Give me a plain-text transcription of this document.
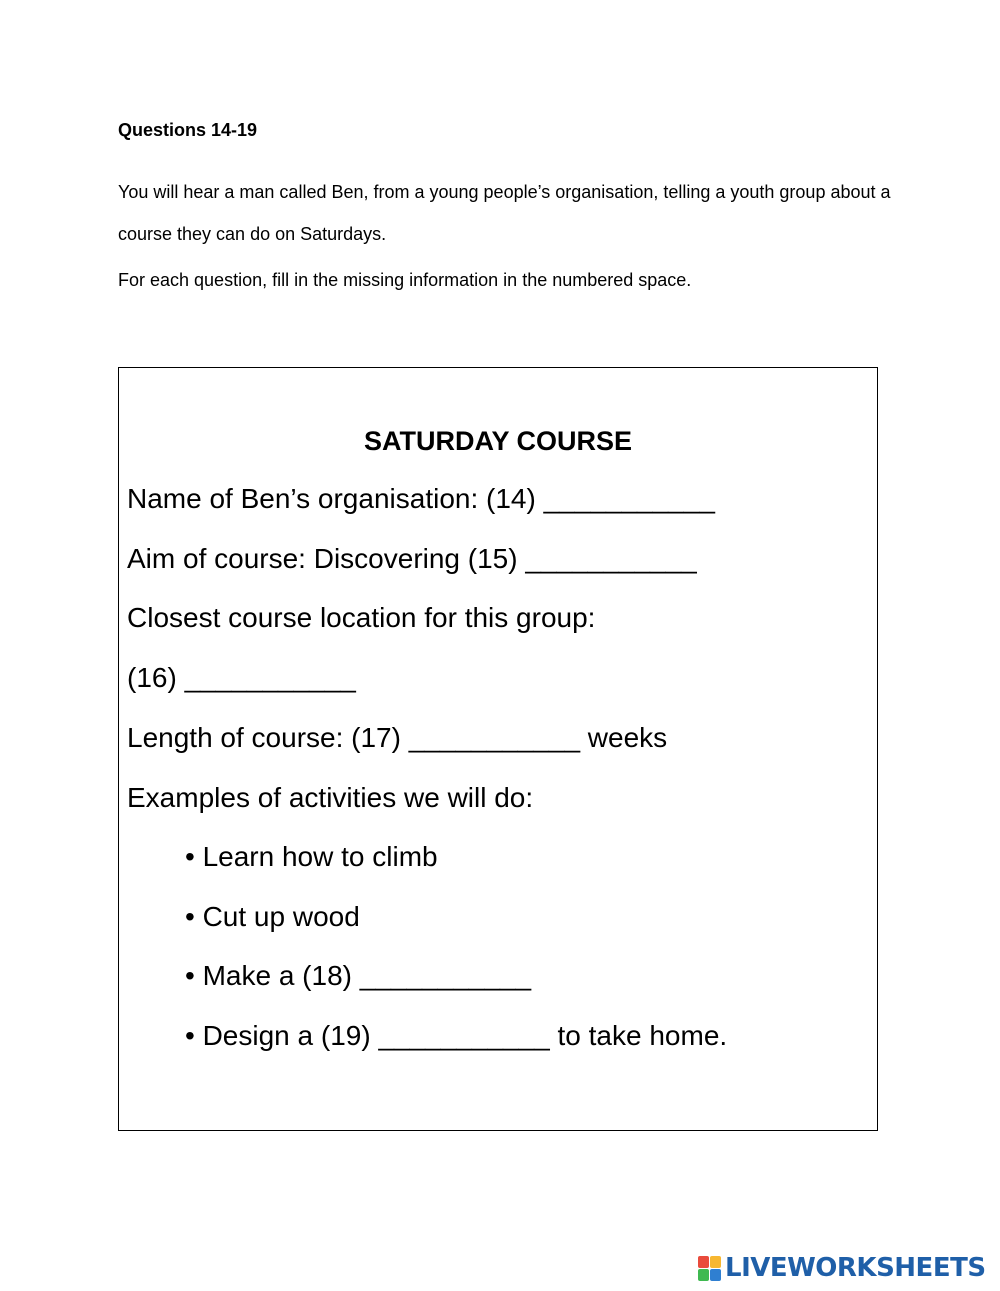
Questions 14-19
You will hear a man called Ben, from a young people’s organisation, telling a youth group about a course they can do on Saturdays.
For each question, fill in the missing information in the numbered space.
SATURDAY COURSE
Name of Ben’s organisation: (14) ___________
Aim of course: Discovering (15) ___________
Closest course location for this group:
(16) ___________
Length of course: (17) ___________ weeks
Examples of activities we will do:
• Learn how to climb
• Cut up wood
• Make a (18) ___________
• Design a (19) ___________ to take home.
LIVEWORKSHEETS
